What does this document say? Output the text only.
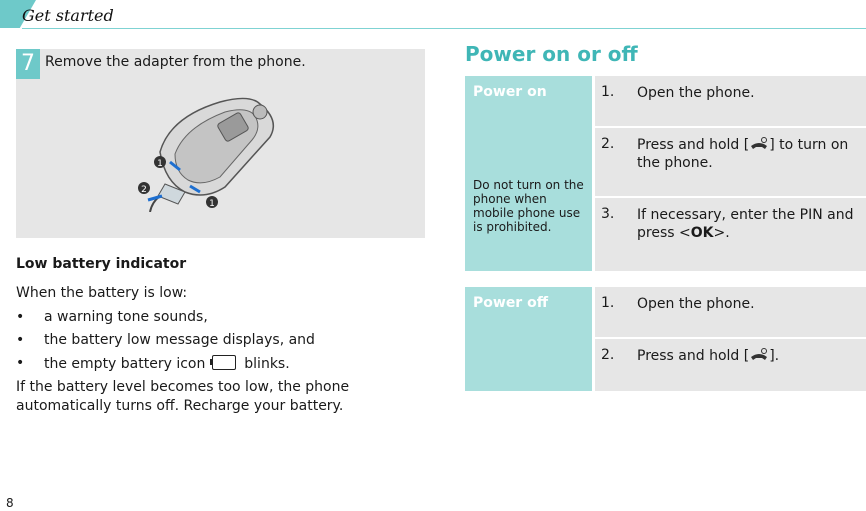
Get started
7 Remove the adapter from the phone.
1
2
1
Low battery indicator
When the battery is low:
• a warning tone sounds,
• the battery low message displays, and
• the empty battery icon	blinks.
If the battery level becomes too low, the phone automatically turns off. Recharge your battery.
8
Power on or off
Power on
Do not turn on the phone when mobile phone use is prohibited.
1. Open the phone.
2. Press and hold [ ] to turn on the phone.
3. If necessary, enter the PIN and press <OK>.
Power off	1. Open the phone.
2. Press and hold [ ].
